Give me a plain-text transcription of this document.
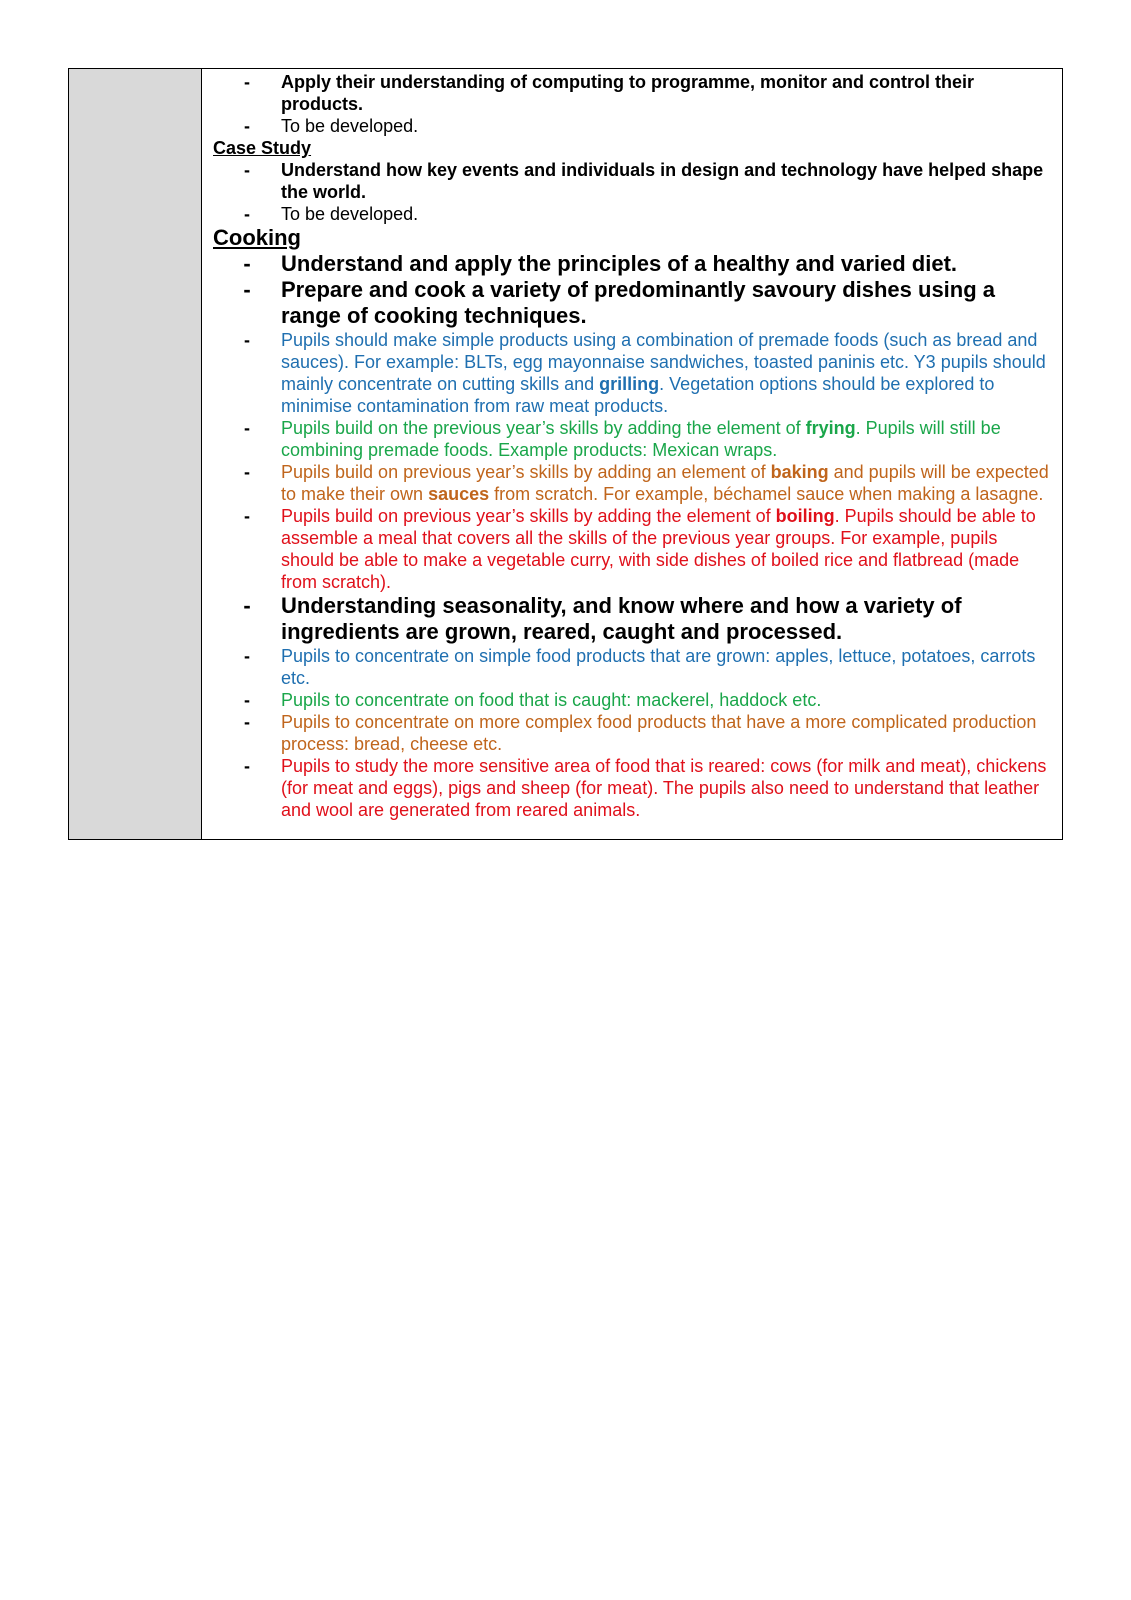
-	Apply their understanding of computing to programme, monitor and control their products.
-	To be developed.
Case Study
-	Understand how key events and individuals in design and technology have helped shape the world.
-	To be developed.
Cooking
-	Understand and apply the principles of a healthy and varied diet.
-	Prepare and cook a variety of predominantly savoury dishes using a range of cooking techniques.
-	Pupils should make simple products using a combination of premade foods (such as bread and sauces). For example: BLTs, egg mayonnaise sandwiches, toasted paninis etc. Y3 pupils should mainly concentrate on cutting skills and grilling. Vegetation options should be explored to minimise contamination from raw meat products.
-	Pupils build on the previous year’s skills by adding the element of frying. Pupils will still be combining premade foods. Example products: Mexican wraps.
-	Pupils build on previous year’s skills by adding an element of baking and pupils will be expected to make their own sauces from scratch. For example, béchamel sauce when making a lasagne.
-	Pupils build on previous year’s skills by adding the element of boiling. Pupils should be able to assemble a meal that covers all the skills of the previous year groups. For example, pupils should be able to make a vegetable curry, with side dishes of boiled rice and flatbread (made from scratch).
-	Understanding seasonality, and know where and how a variety of ingredients are grown, reared, caught and processed.
-	Pupils to concentrate on simple food products that are grown: apples, lettuce, potatoes, carrots etc.
-	Pupils to concentrate on food that is caught: mackerel, haddock etc.
-	Pupils to concentrate on more complex food products that have a more complicated production process: bread, cheese etc.
-	Pupils to study the more sensitive area of food that is reared: cows (for milk and meat), chickens (for meat and eggs), pigs and sheep (for meat). The pupils also need to understand that leather and wool are generated from reared animals.
